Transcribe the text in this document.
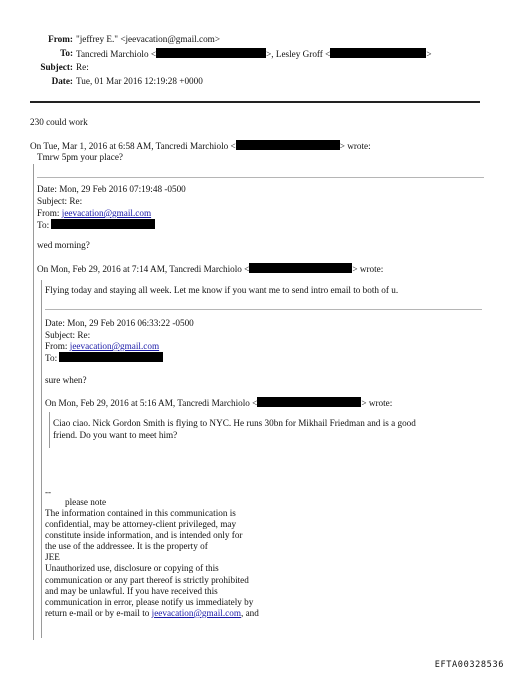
From: "jeffrey E." <jeevacation@gmail.com>
To: Tancredi Marchiolo <	>, Lesley Groff <	>
Subject: Re:
Date: Tue, 01 Mar 2016 12:19:28 +0000
230 could work
On Tue, Mar 1, 2016 at 6:58 AM, Tancredi Marchiolo <	> wrote:
Tmrw 5pm your place?
Date: Mon, 29 Feb 2016 07:19:48 -0500
Subject: Re:
From: jeevacation@gmail.com
To:
wed morning?
On Mon, Feb 29, 2016 at 7:14 AM, Tancredi Marchiolo <	> wrote:
Flying today and staying all week. Let me know if you want me to send intro email to both of u.
Date: Mon, 29 Feb 2016 06:33:22 -0500
Subject: Re:
From: jeevacation@gmail.com
To:
sure when?
On Mon, Feb 29, 2016 at 5:16 AM, Tancredi Marchiolo <	> wrote:
Ciao ciao. Nick Gordon Smith is flying to NYC. He runs 30bn for Mikhail Friedman and is a good
friend. Do you want to meet him?
--
please note
The information contained in this communication is
confidential, may be attorney-client privileged, may
constitute inside information, and is intended only for
the use of the addressee. It is the property of
JEE
Unauthorized use, disclosure or copying of this
communication or any part thereof is strictly prohibited
and may be unlawful. If you have received this
communication in error, please notify us immediately by
return e-mail or by e-mail to jeevacation@gmail.com, and
EFTA00328536
